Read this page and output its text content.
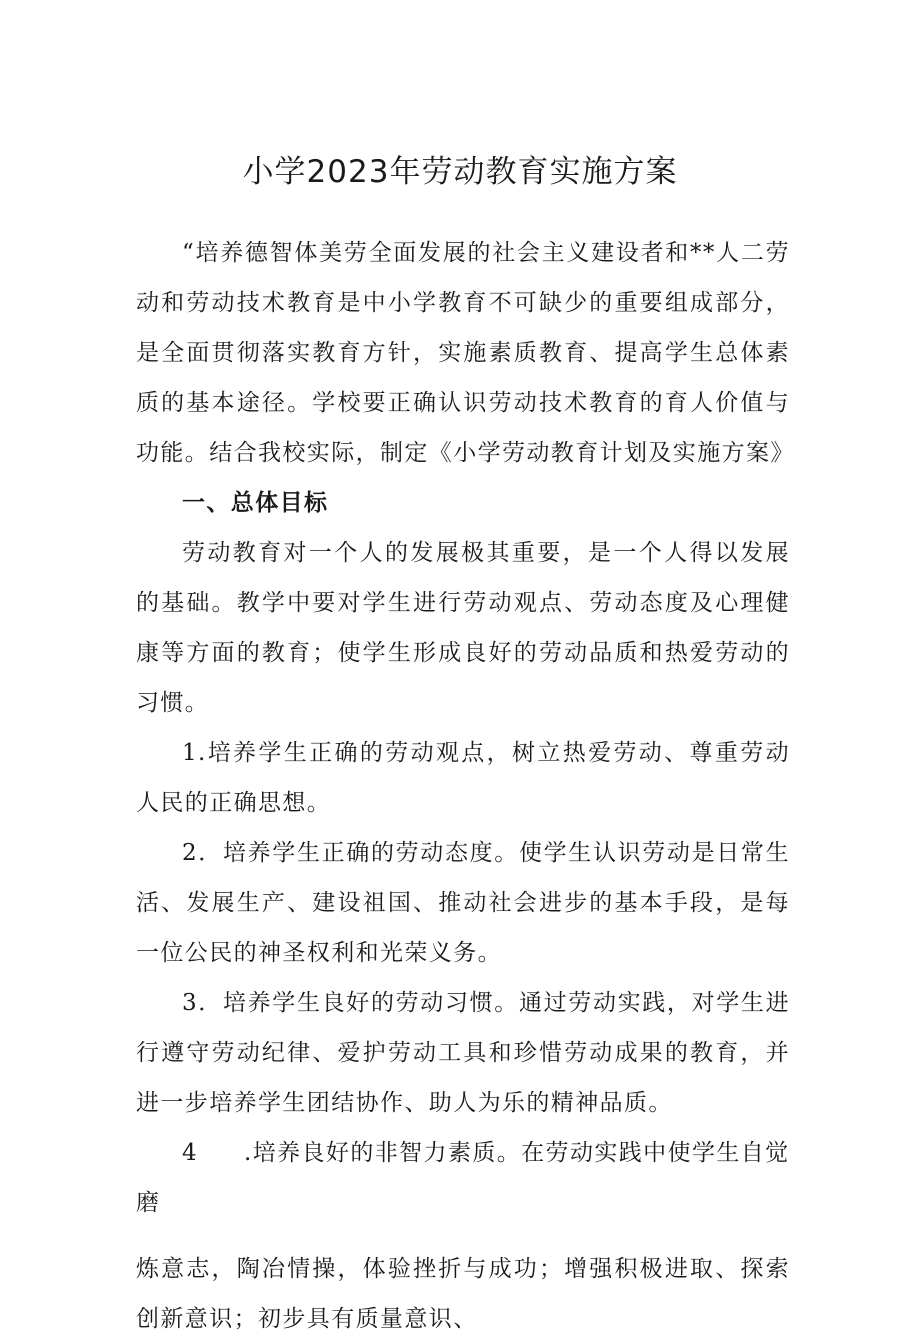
小学2023年劳动教育实施方案

“培养德智体美劳全面发展的社会主义建设者和**人二劳动和劳动技术教育是中小学教育不可缺少的重要组成部分，是全面贯彻落实教育方针，实施素质教育、提高学生总体素质的基本途径。学校要正确认识劳动技术教育的育人价值与功能。结合我校实际，制定《小学劳动教育计划及实施方案》

一、总体目标

劳动教育对一个人的发展极其重要，是一个人得以发展的基础。教学中要对学生进行劳动观点、劳动态度及心理健康等方面的教育；使学生形成良好的劳动品质和热爱劳动的习惯。

1.培养学生正确的劳动观点，树立热爱劳动、尊重劳动人民的正确思想。

2．培养学生正确的劳动态度。使学生认识劳动是日常生活、发展生产、建设祖国、推动社会进步的基本手段，是每一位公民的神圣权利和光荣义务。

3．培养学生良好的劳动习惯。通过劳动实践，对学生进行遵守劳动纪律、爱护劳动工具和珍惜劳动成果的教育，并进一步培养学生团结协作、助人为乐的精神品质。

4 .培养良好的非智力素质。在劳动实践中使学生自觉磨

炼意志，陶冶情操，体验挫折与成功；增强积极进取、探索创新意识；初步具有质量意识、
